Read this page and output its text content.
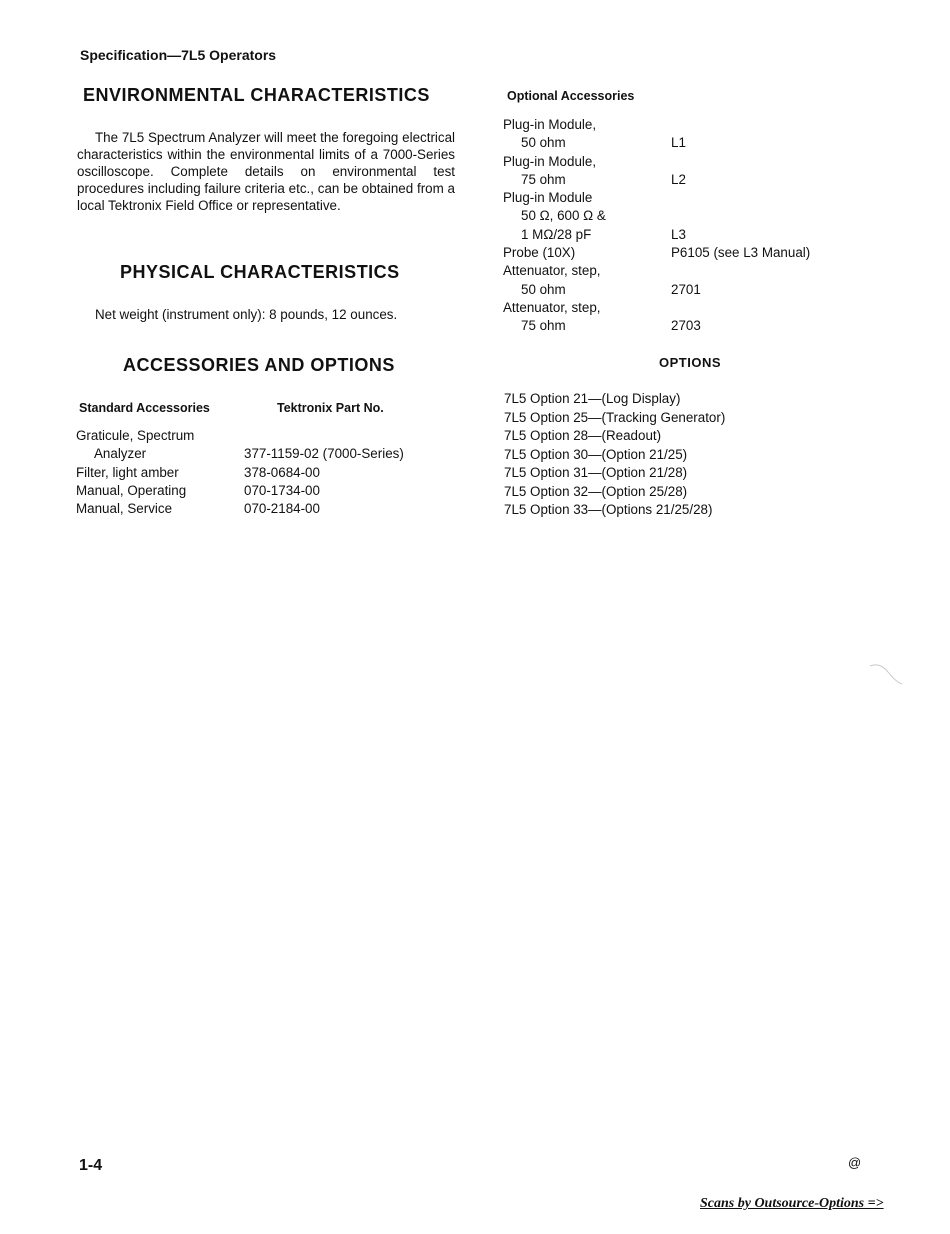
Specification—7L5 Operators
ENVIRONMENTAL CHARACTERISTICS

The 7L5 Spectrum Analyzer will meet the foregoing electrical characteristics within the environmental limits of a 7000-Series oscilloscope. Complete details on environmental test procedures including failure criteria etc., can be obtained from a local Tektronix Field Office or representative.

PHYSICAL CHARACTERISTICS
Net weight (instrument only): 8 pounds, 12 ounces.
ACCESSORIES AND OPTIONS
Standard Accessories	Tektronix Part No.
Graticule, Spectrum	
Analyzer	377-1159-02 (7000-Series)
Filter, light amber	378-0684-00
Manual, Operating	070-1734-00
Manual, Service	070-2184-00
Optional Accessories
Plug-in Module,	
50 ohm	L1
Plug-in Module,	
75 ohm	L2
Plug-in Module	
50 Ω, 600 Ω &	
1 MΩ/28 pF	L3
Probe (10X)	P6105 (see L3 Manual)
Attenuator, step,	
50 ohm	2701
Attenuator, step,	
75 ohm	2703
OPTIONS
7L5 Option 21—(Log Display)
7L5 Option 25—(Tracking Generator)
7L5 Option 28—(Readout)
7L5 Option 30—(Option 21/25)
7L5 Option 31—(Option 21/28)
7L5 Option 32—(Option 25/28)
7L5 Option 33—(Options 21/25/28)
1-4	@
Scans by Outsource-Options =>
